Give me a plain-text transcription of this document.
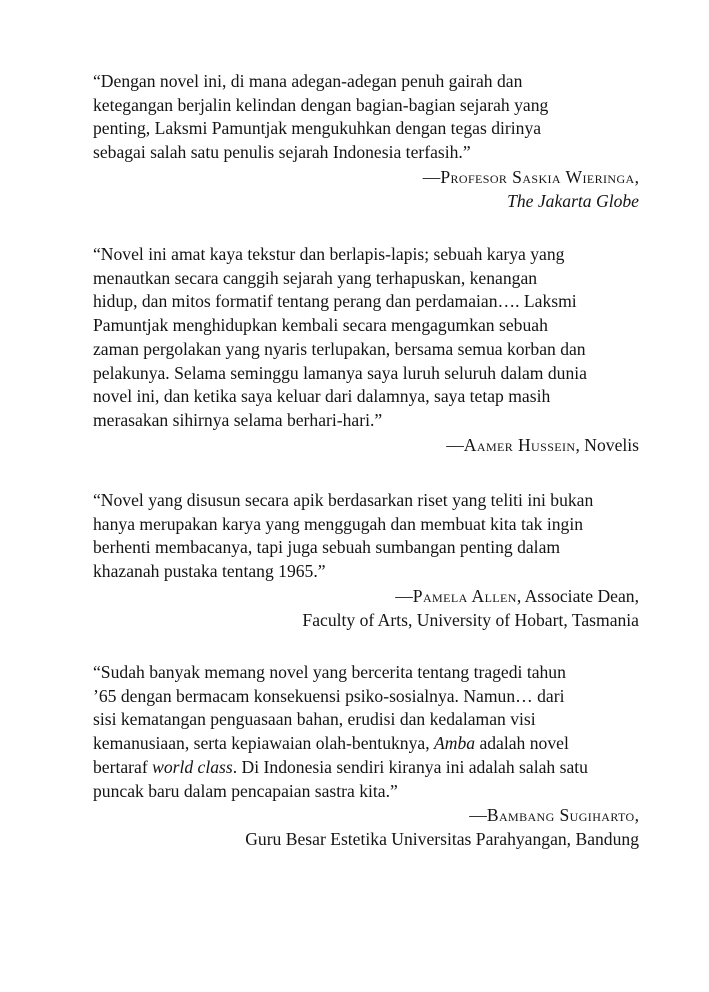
“Dengan novel ini, di mana adegan-adegan penuh gairah dan
ketegangan berjalin kelindan dengan bagian-bagian sejarah yang
penting, Laksmi Pamuntjak mengukuhkan dengan tegas dirinya
sebagai salah satu penulis sejarah Indonesia terfasih.”

—Profesor Saskia Wieringa,

The Jakarta Globe

“Novel ini amat kaya tekstur dan berlapis-lapis; sebuah karya yang
menautkan secara canggih sejarah yang terhapuskan, kenangan
hidup, dan mitos formatif tentang perang dan perdamaian…. Laksmi
Pamuntjak menghidupkan kembali secara mengagumkan sebuah
zaman pergolakan yang nyaris terlupakan, bersama semua korban dan
pelakunya. Selama seminggu lamanya saya luruh seluruh dalam dunia
novel ini, dan ketika saya keluar dari dalamnya, saya tetap masih
merasakan sihirnya selama berhari-hari.”

—Aamer Hussein, Novelis

“Novel yang disusun secara apik berdasarkan riset yang teliti ini bukan
hanya merupakan karya yang menggugah dan membuat kita tak ingin
berhenti membacanya, tapi juga sebuah sumbangan penting dalam
khazanah pustaka tentang 1965.”

—Pamela Allen, Associate Dean,

Faculty of Arts, University of Hobart, Tasmania

“Sudah banyak memang novel yang bercerita tentang tragedi tahun
’65 dengan bermacam konsekuensi psiko-sosialnya. Namun… dari
sisi kematangan penguasaan bahan, erudisi dan kedalaman visi
kemanusiaan, serta kepiawaian olah-bentuknya, Amba adalah novel
bertaraf world class. Di Indonesia sendiri kiranya ini adalah salah satu
puncak baru dalam pencapaian sastra kita.”

—Bambang Sugiharto,

Guru Besar Estetika Universitas Parahyangan, Bandung
